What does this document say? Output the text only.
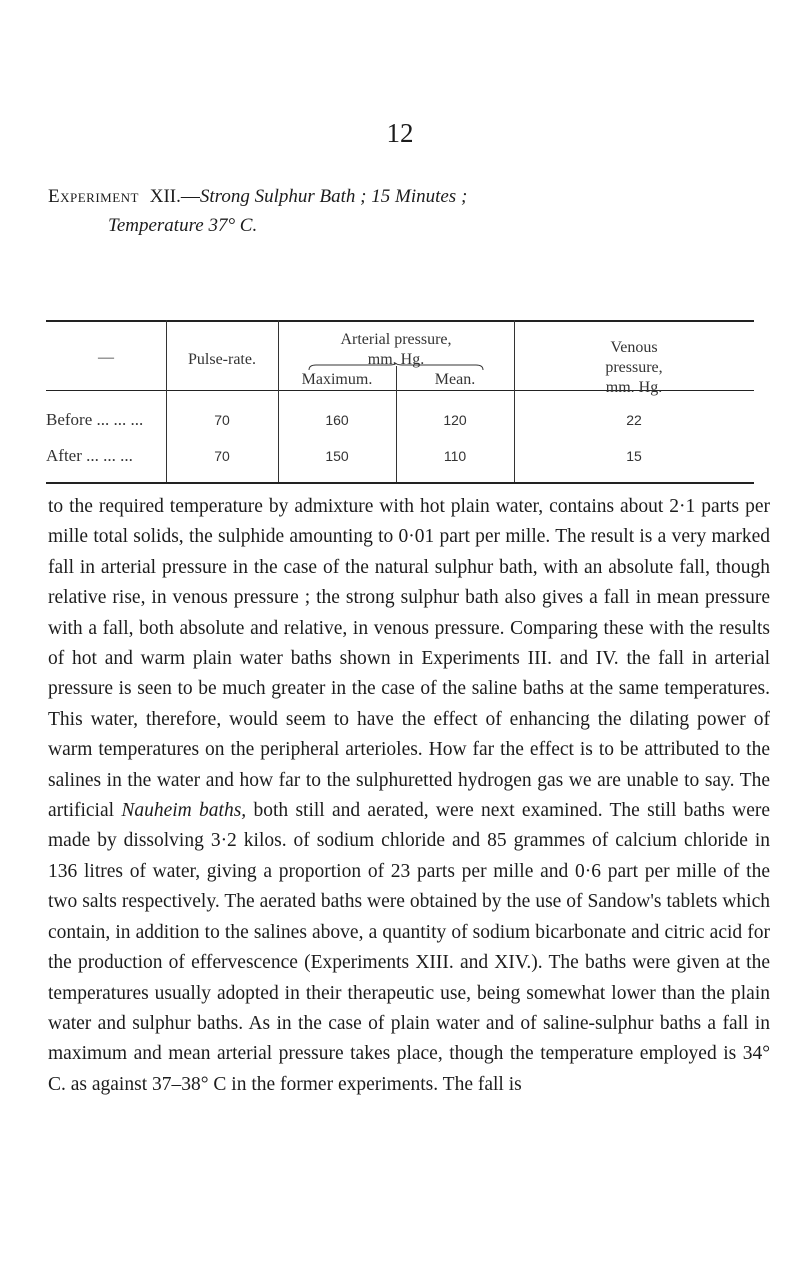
12
Experiment XII.—Strong Sulphur Bath ; 15 Minutes ;
Temperature 37° C.
—	Pulse-rate.
Arterial pressure,
mm. Hg.
Maximum.	Mean.
Venous
pressure,
mm. Hg.
Before ... ... ...	70	160	120	22
After ... ... ...	70	150	110	15

to the required temperature by admixture with hot plain water, contains about 2·1 parts per mille total solids, the sulphide amounting to 0·01 part per mille. The result is a very marked fall in arterial pressure in the case of the natural sulphur bath, with an absolute fall, though relative rise, in venous pressure ; the strong sulphur bath also gives a fall in mean pressure with a fall, both absolute and relative, in venous pressure. Comparing these with the results of hot and warm plain water baths shown in Experiments III. and IV. the fall in arterial pressure is seen to be much greater in the case of the saline baths at the same temperatures. This water, therefore, would seem to have the effect of enhancing the dilating power of warm temperatures on the peripheral arterioles. How far the effect is to be attributed to the salines in the water and how far to the sulphuretted hydrogen gas we are unable to say. The artificial Nauheim baths, both still and aerated, were next examined. The still baths were made by dissolving 3·2 kilos. of sodium chloride and 85 grammes of calcium chloride in 136 litres of water, giving a proportion of 23 parts per mille and 0·6 part per mille of the two salts respectively. The aerated baths were obtained by the use of Sandow's tablets which contain, in addition to the salines above, a quantity of sodium bicarbonate and citric acid for the production of effervescence (Experiments XIII. and XIV.). The baths were given at the temperatures usually adopted in their therapeutic use, being somewhat lower than the plain water and sulphur baths. As in the case of plain water and of saline-sulphur baths a fall in maximum and mean arterial pressure takes place, though the temperature employed is 34° C. as against 37–38° C in the former experiments. The fall is
